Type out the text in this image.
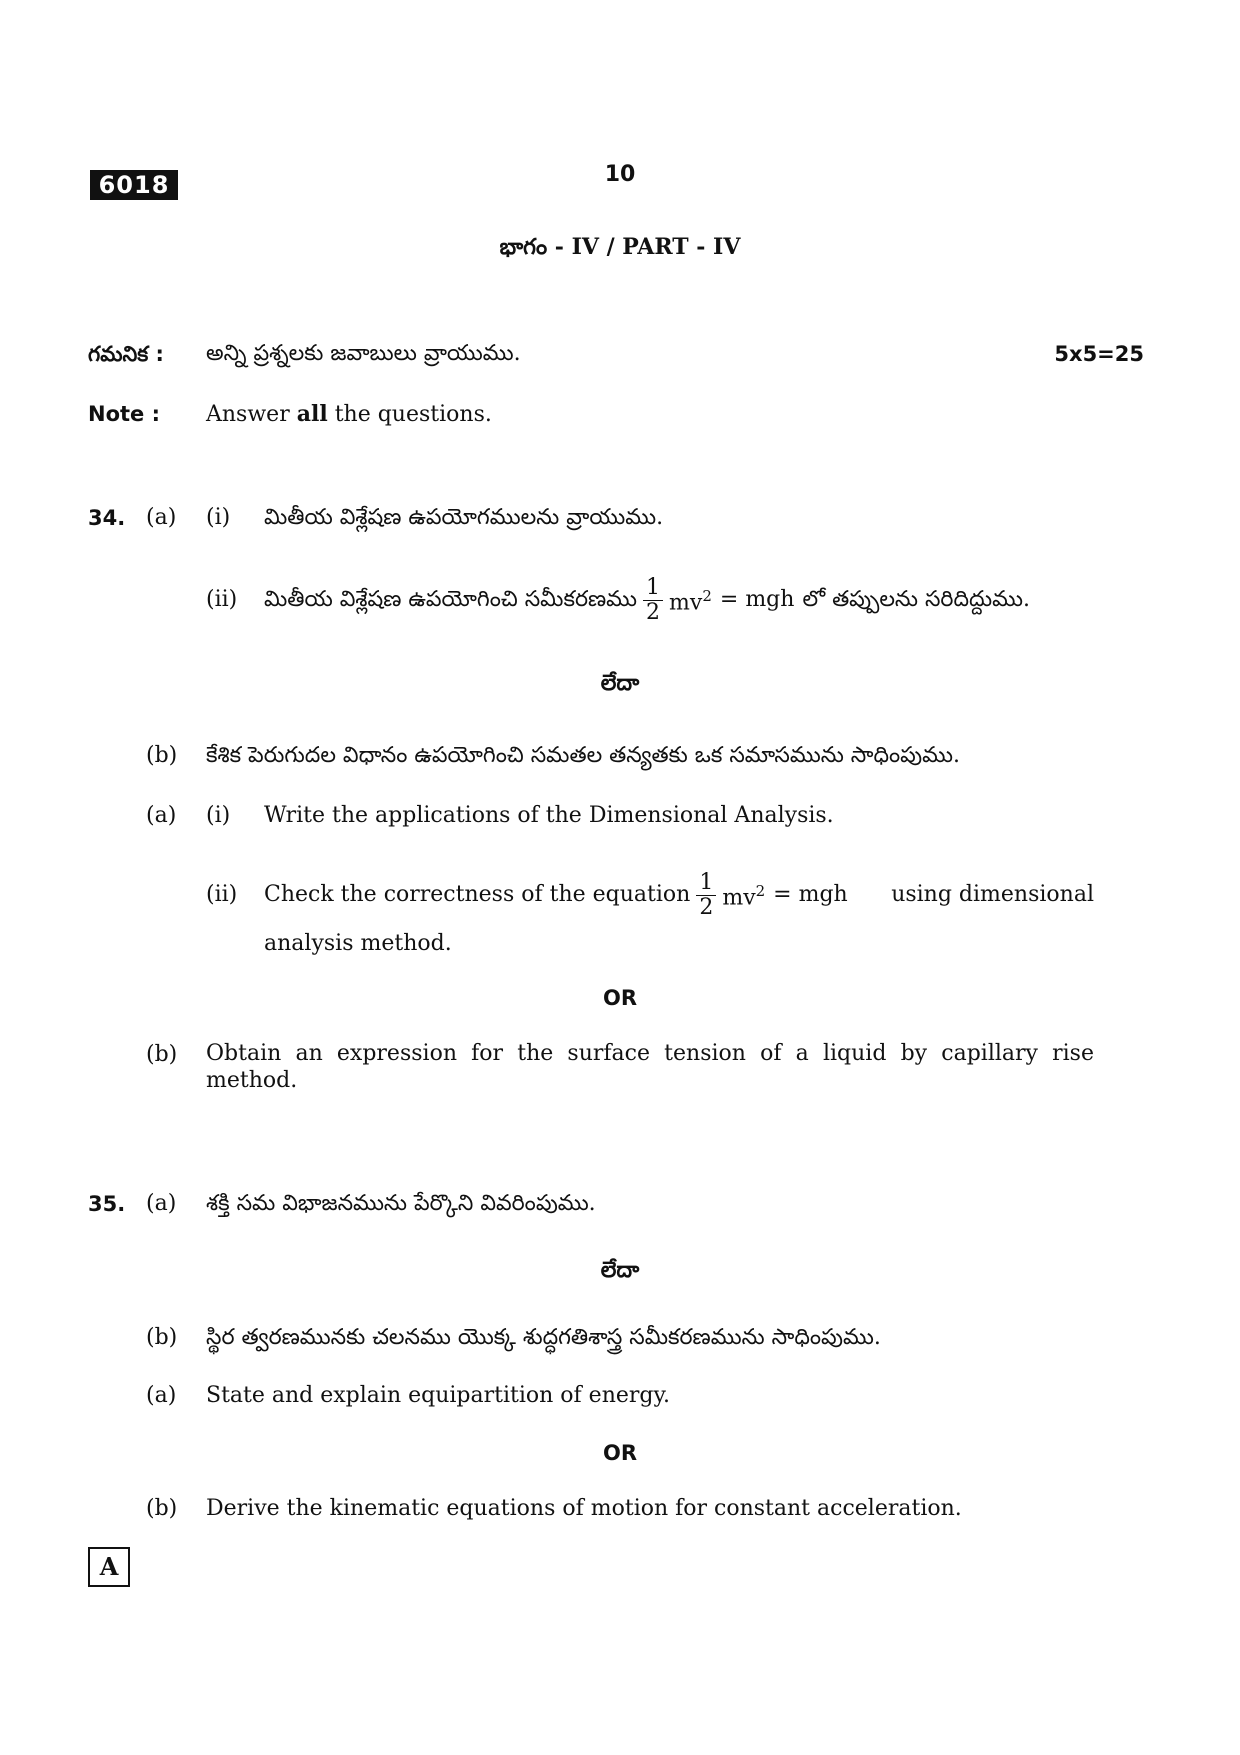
6018	10
భాగం - IV / PART - IV
గమనిక : అన్ని ప్రశ్నలకు జవాబులు వ్రాయుము.	5x5=25
Note : Answer all the questions.
34. (a) (i) మితీయ విశ్లేషణ ఉపయోగములను వ్రాయుము.
(ii) మితీయ విశ్లేషణ ఉపయోగించి సమీకరణము $\frac{1}{2} mv^2$ = mgh లో తప్పులను సరిదిద్దుము.
లేదా
(b) కేశిక పెరుగుదల విధానం ఉపయోగించి సమతల తన్యతకు ఒక సమాసమును సాధింపుము.
(a) (i) Write the applications of the Dimensional Analysis.
(ii) Check the correctness of the equation $\frac{1}{2} mv^2$ = mgh using dimensional
analysis method.
OR
(b) Obtain an expression for the surface tension of a liquid by capillary rise method.
35. (a) శక్తి సమ విభాజనమును పేర్కొని వివరింపుము.
లేదా
(b) స్థిర త్వరణమునకు చలనము యొక్క శుద్ధగతిశాస్త్ర సమీకరణమును సాధింపుము.
(a) State and explain equipartition of energy.
OR
(b) Derive the kinematic equations of motion for constant acceleration.
A
